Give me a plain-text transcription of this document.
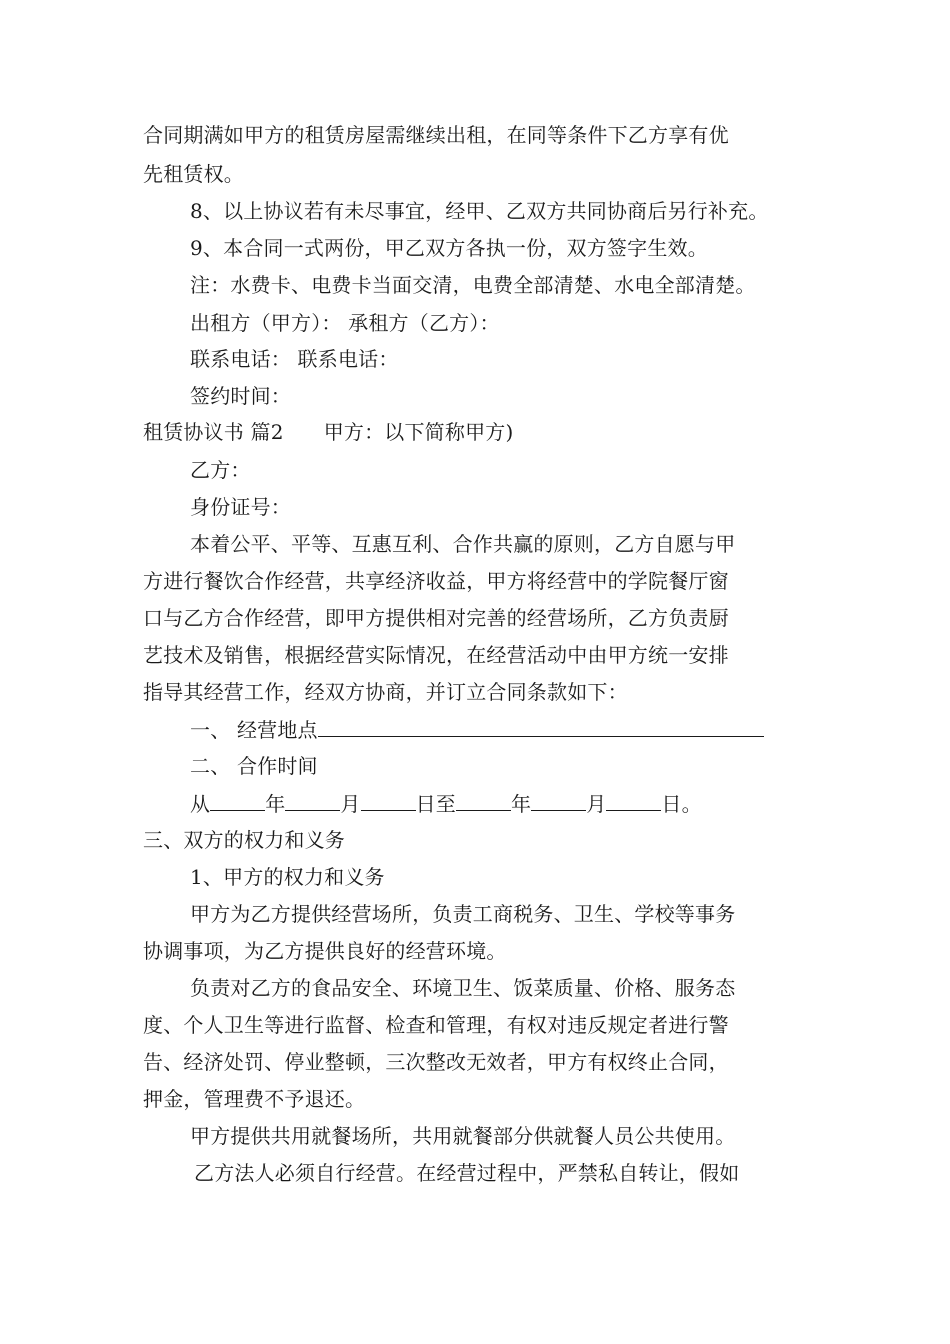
合同期满如甲方的租赁房屋需继续出租，在同等条件下乙方享有优
先租赁权。
8、以上协议若有未尽事宜，经甲、乙双方共同协商后另行补充。
9、本合同一式两份，甲乙双方各执一份，双方签字生效。
注：水费卡、电费卡当面交清，电费全部清楚、水电全部清楚。
出租方（甲方）： 承租方（乙方）：
联系电话： 联系电话：
签约时间：
租赁协议书 篇2 甲方：以下简称甲方)
乙方：
身份证号：
本着公平、平等、互惠互利、合作共赢的原则，乙方自愿与甲
方进行餐饮合作经营，共享经济收益，甲方将经营中的学院餐厅窗
口与乙方合作经营，即甲方提供相对完善的经营场所，乙方负责厨
艺技术及销售，根据经营实际情况，在经营活动中由甲方统一安排
指导其经营工作，经双方协商，并订立合同条款如下：
一、 经营地点
二、 合作时间
从	年	月	日至	年	月	日。
三、双方的权力和义务
1、甲方的权力和义务
甲方为乙方提供经营场所，负责工商税务、卫生、学校等事务
协调事项，为乙方提供良好的经营环境。
负责对乙方的食品安全、环境卫生、饭菜质量、价格、服务态
度、个人卫生等进行监督、检查和管理，有权对违反规定者进行警
告、经济处罚、停业整顿，三次整改无效者，甲方有权终止合同，
押金，管理费不予退还。
甲方提供共用就餐场所，共用就餐部分供就餐人员公共使用。
乙方法人必须自行经营。在经营过程中，严禁私自转让，假如
